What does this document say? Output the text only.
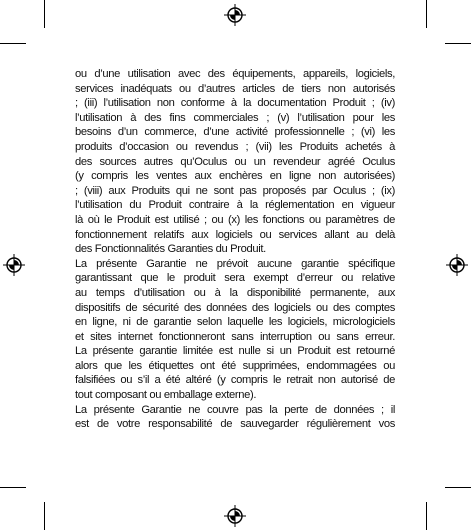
ou d’une utilisation avec des équipements, appareils, logiciels,
services inadéquats ou d’autres articles de tiers non autorisés
; (iii) l’utilisation non conforme à la documentation Produit ; (iv)
l’utilisation à des fins commerciales ; (v) l’utilisation pour les
besoins d’un commerce, d’une activité professionnelle ; (vi) les
produits d’occasion ou revendus ; (vii) les Produits achetés à
des sources autres qu’Oculus ou un revendeur agréé Oculus
(y compris les ventes aux enchères en ligne non autorisées)
; (viii) aux Produits qui ne sont pas proposés par Oculus ; (ix)
l’utilisation du Produit contraire à la réglementation en vigueur
là où le Produit est utilisé ; ou (x) les fonctions ou paramètres de
fonctionnement relatifs aux logiciels ou services allant au delà
des Fonctionnalités Garanties du Produit.
La présente Garantie ne prévoit aucune garantie spécifique
garantissant que le produit sera exempt d’erreur ou relative
au temps d’utilisation ou à la disponibilité permanente, aux
dispositifs de sécurité des données des logiciels ou des comptes
en ligne, ni de garantie selon laquelle les logiciels, micrologiciels
et sites internet fonctionneront sans interruption ou sans erreur.
La présente garantie limitée est nulle si un Produit est retourné
alors que les étiquettes ont été supprimées, endommagées ou
falsifiées ou s’il a été altéré (y compris le retrait non autorisé de
tout composant ou emballage externe).
La présente Garantie ne couvre pas la perte de données ; il
est de votre responsabilité de sauvegarder régulièrement vos
